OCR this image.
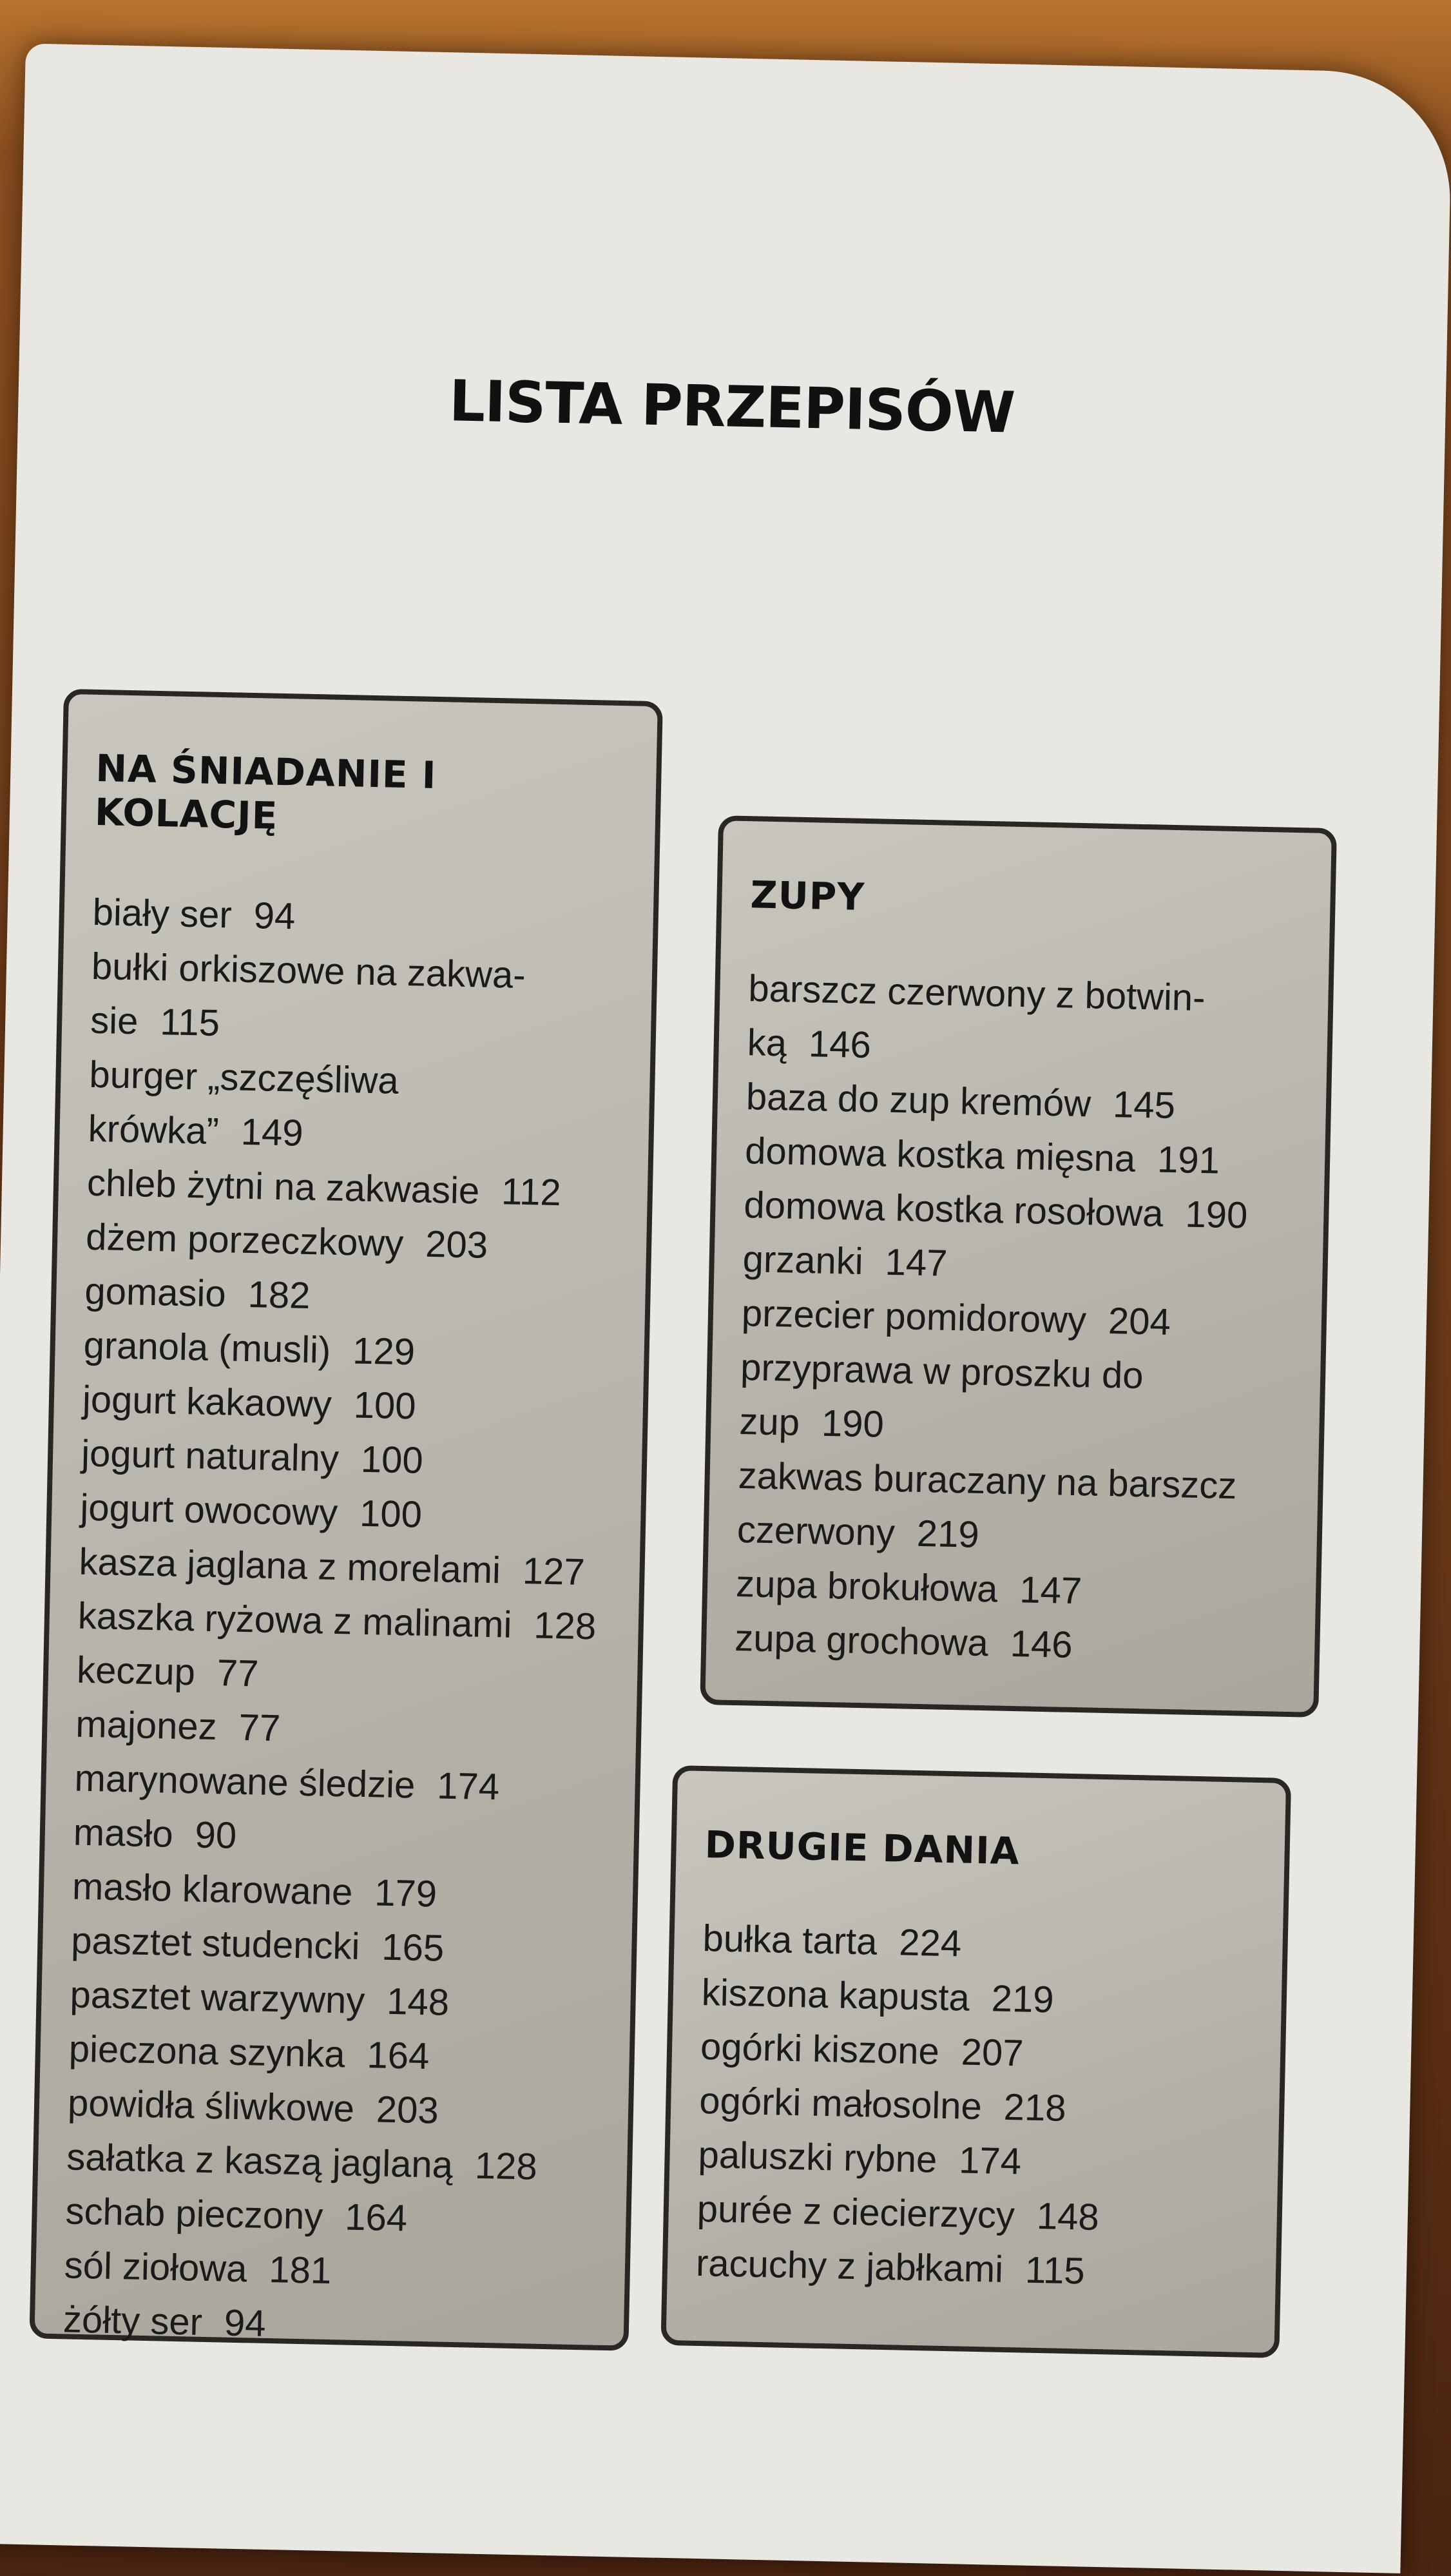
LISTA PRZEPISÓW
NA ŚNIADANIE I KOLACJĘ
biały ser 94
bułki orkiszowe na zakwa-sie 115
burger „szczęśliwa krówka” 149
chleb żytni na zakwasie 112
dżem porzeczkowy 203
gomasio 182
granola (musli) 129
jogurt kakaowy 100
jogurt naturalny 100
jogurt owocowy 100
kasza jaglana z morelami 127
kaszka ryżowa z malinami 128
keczup 77
majonez 77
marynowane śledzie 174
masło 90
masło klarowane 179
pasztet studencki 165
pasztet warzywny 148
pieczona szynka 164
powidła śliwkowe 203
sałatka z kaszą jaglaną 128
schab pieczony 164
sól ziołowa 181
żółty ser 94
ZUPY
barszcz czerwony z botwin-ką 146
baza do zup kremów 145
domowa kostka mięsna 191
domowa kostka rosołowa 190
grzanki 147
przecier pomidorowy 204
przyprawa w proszku do zup 190
zakwas buraczany na barszcz czerwony 219
zupa brokułowa 147
zupa grochowa 146
DRUGIE DANIA
bułka tarta 224
kiszona kapusta 219
ogórki kiszone 207
ogórki małosolne 218
paluszki rybne 174
purée z ciecierzycy 148
racuchy z jabłkami 115
